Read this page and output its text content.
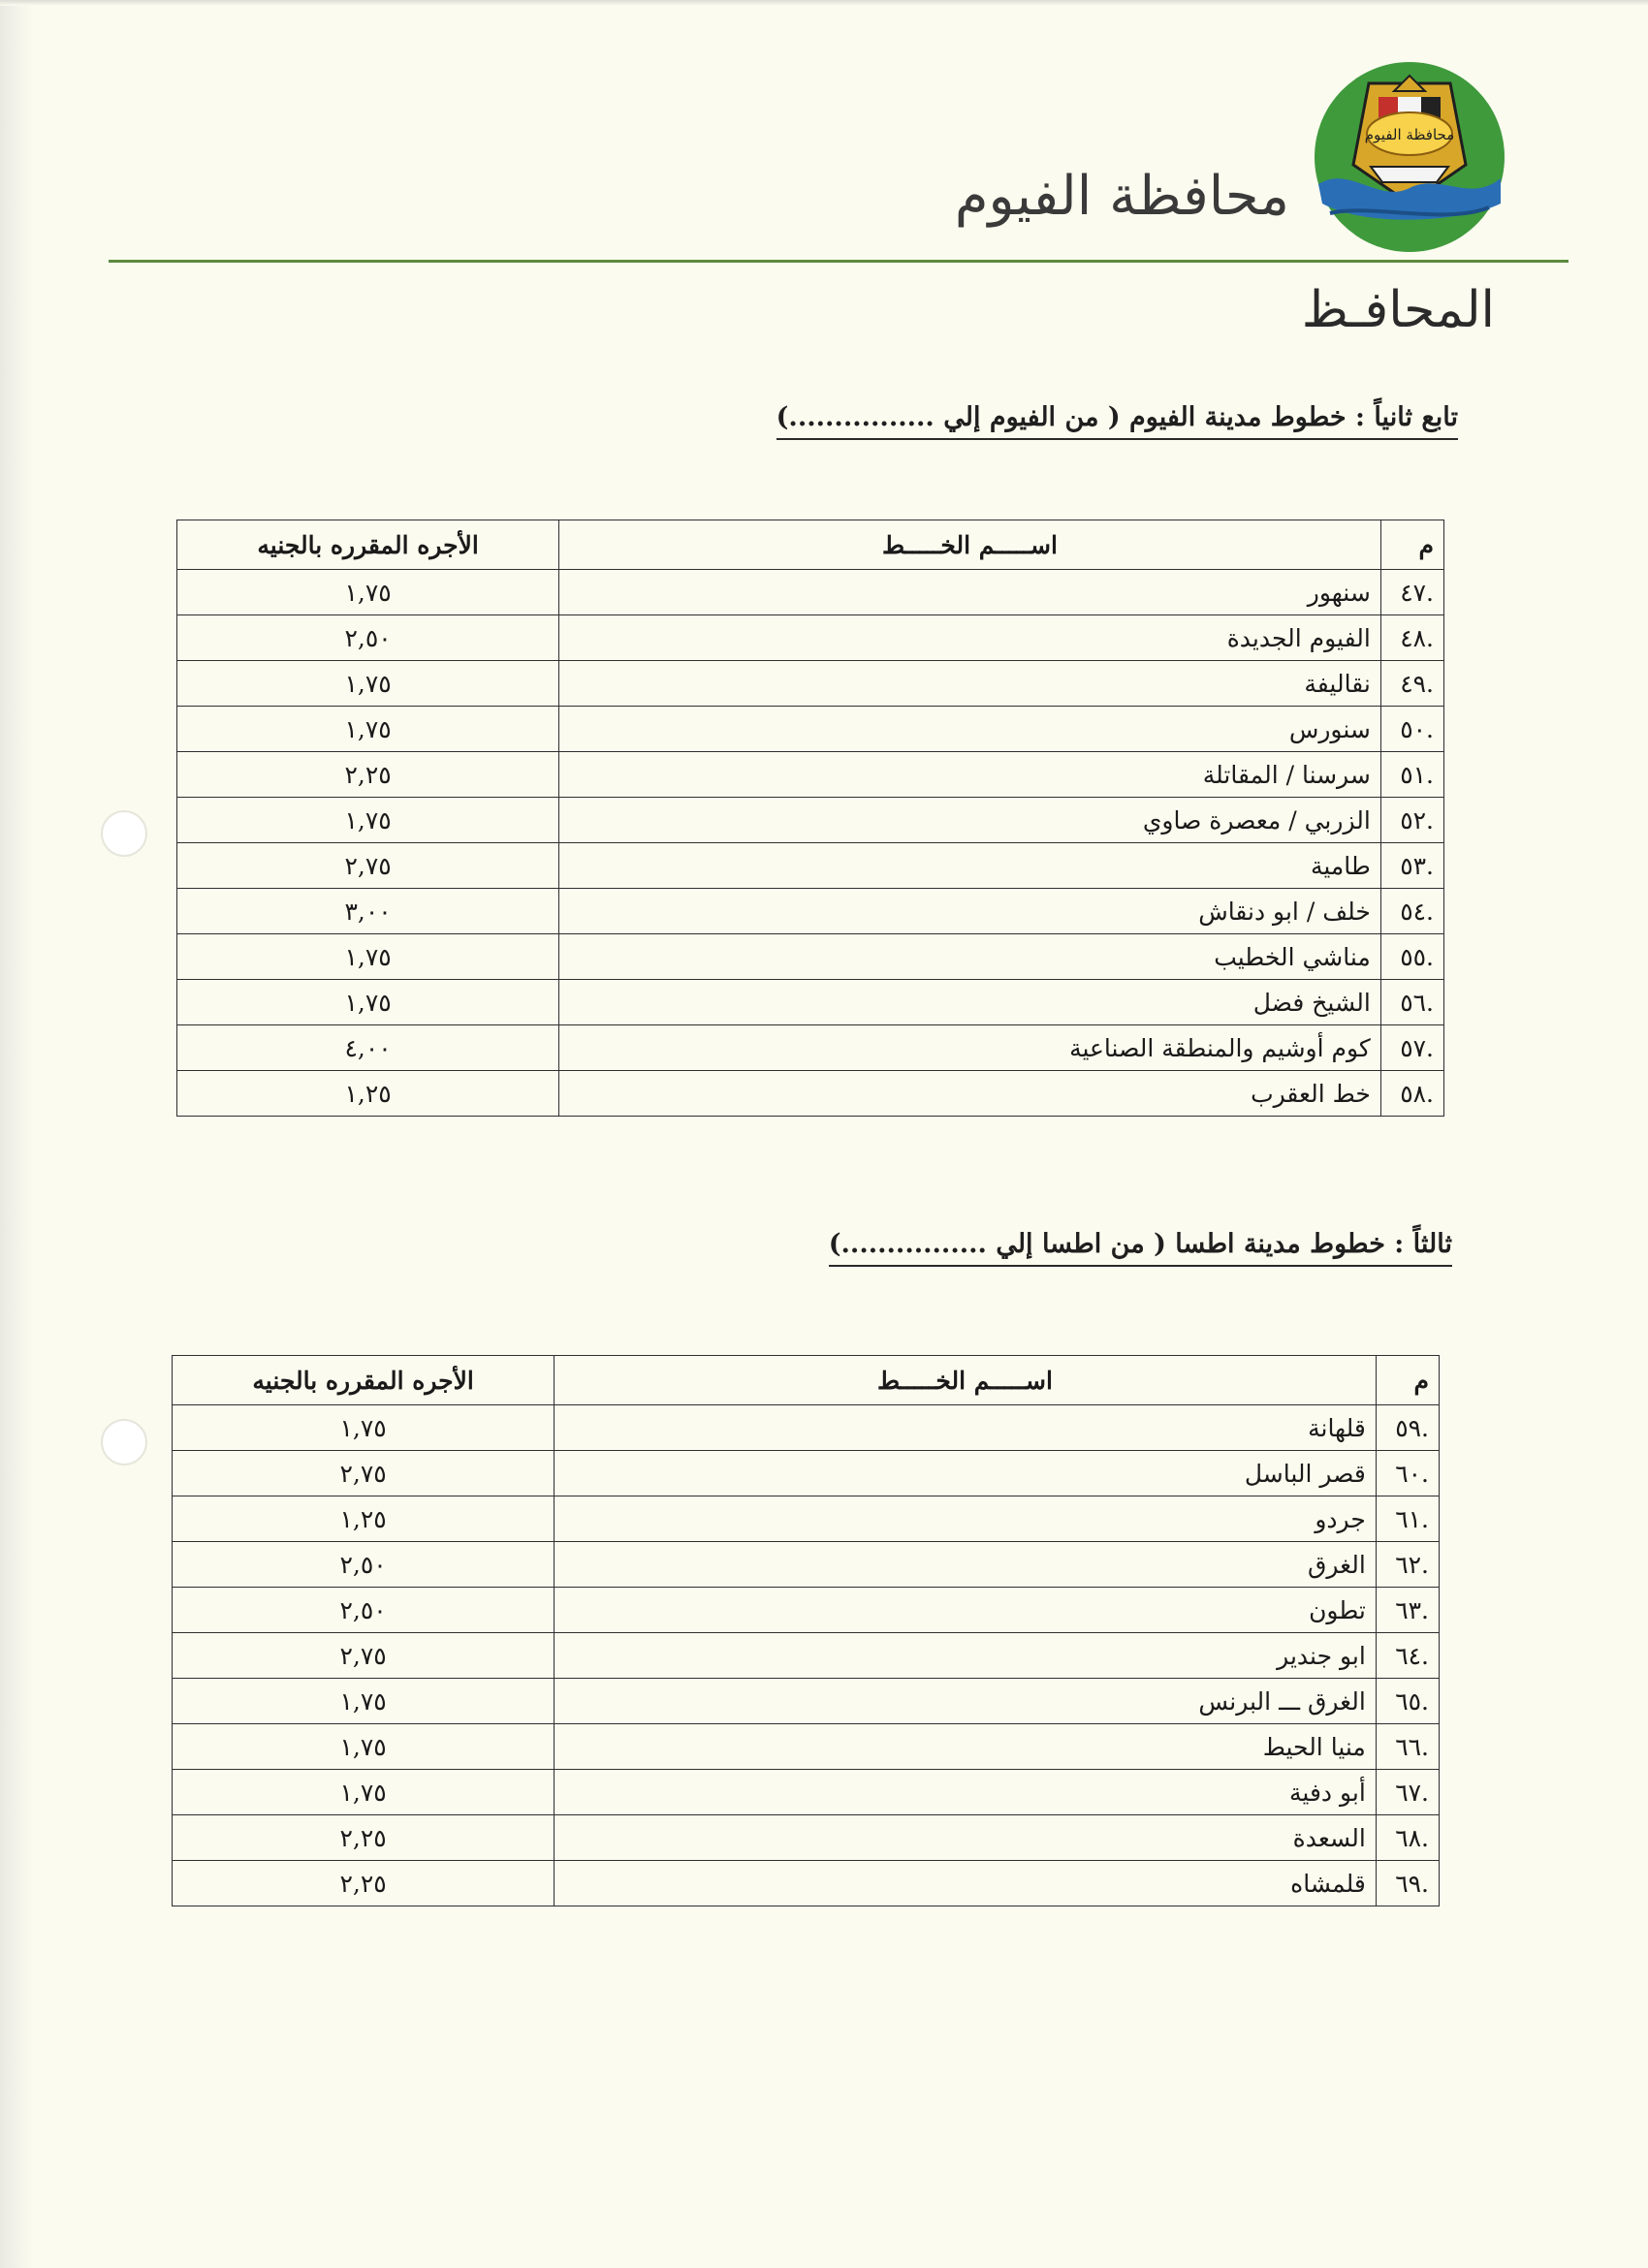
محافظة الفيوم
محافظة الفيوم
المحافـظ
تابع ثانياً : خطوط مدينة الفيوم ( من الفيوم إلي ................)
م	اســـــم الخـــــط	الأجره المقرره بالجنيه
.٤٧	سنهور	١,٧٥
.٤٨	الفيوم الجديدة	٢,٥٠
.٤٩	نقاليفة	١,٧٥
.٥٠	سنورس	١,٧٥
.٥١	سرسنا / المقاتلة	٢,٢٥
.٥٢	الزربي / معصرة صاوي	١,٧٥
.٥٣	طامية	٢,٧٥
.٥٤	خلف / ابو دنقاش	٣,٠٠
.٥٥	مناشي الخطيب	١,٧٥
.٥٦	الشيخ فضل	١,٧٥
.٥٧	كوم أوشيم والمنطقة الصناعية	٤,٠٠
.٥٨	خط العقرب	١,٢٥
ثالثاً : خطوط مدينة اطسا ( من اطسا إلي ................)
م	اســـــم الخـــــط	الأجره المقرره بالجنيه
.٥٩	قلهانة	١,٧٥
.٦٠	قصر الباسل	٢,٧٥
.٦١	جردو	١,٢٥
.٦٢	الغرق	٢,٥٠
.٦٣	تطون	٢,٥٠
.٦٤	ابو جندير	٢,٧٥
.٦٥	الغرق ـــ البرنس	١,٧٥
.٦٦	منيا الحيط	١,٧٥
.٦٧	أبو دفية	١,٧٥
.٦٨	السعدة	٢,٢٥
.٦٩	قلمشاه	٢,٢٥
